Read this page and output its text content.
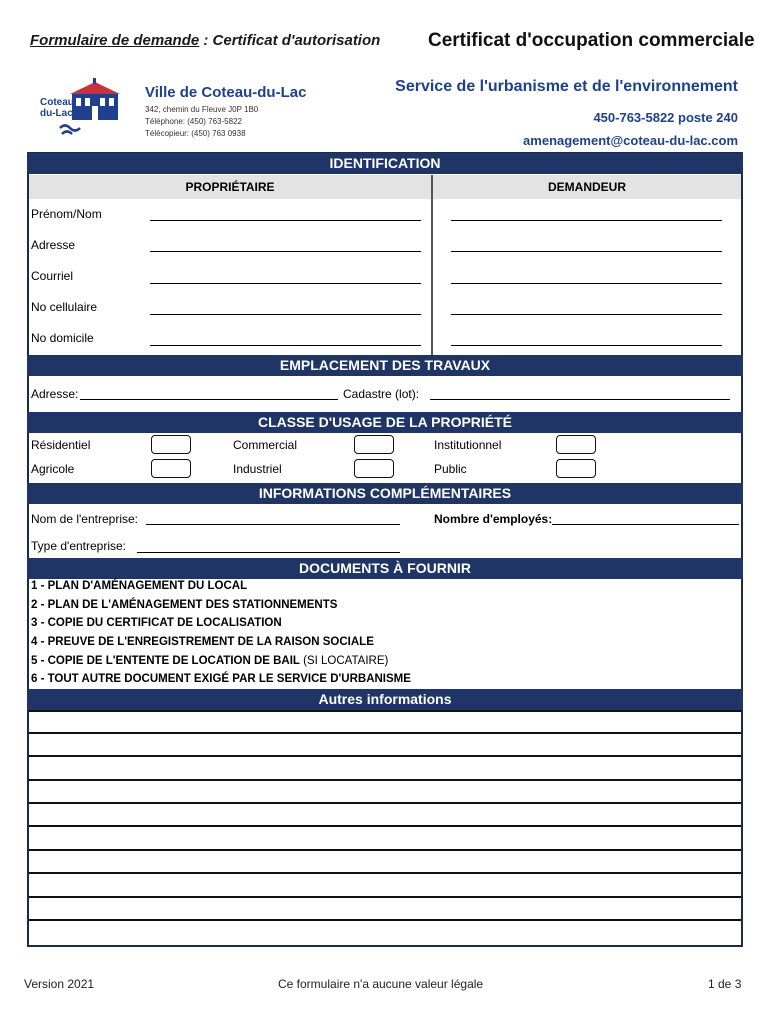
Formulaire de demande : Certificat d'autorisation	Certificat d'occupation commerciale
Coteau
du-Lac
Ville de Coteau-du-Lac
342, chemin du Fleuve J0P 1B0
Téléphone: (450) 763-5822
Télécopieur: (450) 763 0938
Service de l'urbanisme et de l'environnement
450-763-5822 poste 240
amenagement@coteau-du-lac.com
IDENTIFICATION
PROPRIÉTAIRE	DEMANDEUR
Prénom/Nom
Adresse
Courriel
No cellulaire
No domicile
EMPLACEMENT DES TRAVAUX
Adresse:	Cadastre (lot):
CLASSE D'USAGE DE LA PROPRIÉTÉ
Résidentiel	Commercial	Institutionnel
Agricole	Industriel	Public
INFORMATIONS COMPLÉMENTAIRES
Nom de l'entreprise:	Nombre d'employés:
Type d'entreprise:
DOCUMENTS À FOURNIR
1 - PLAN D'AMÉNAGEMENT DU LOCAL
2 - PLAN DE L'AMÉNAGEMENT DES STATIONNEMENTS
3 - COPIE DU CERTIFICAT DE LOCALISATION
4 - PREUVE DE L'ENREGISTREMENT DE LA RAISON SOCIALE
5 - COPIE DE L'ENTENTE DE LOCATION DE BAIL (SI LOCATAIRE)
6 - TOUT AUTRE DOCUMENT EXIGÉ PAR LE SERVICE D'URBANISME
Autres informations
Version 2021	Ce formulaire n'a aucune valeur légale	1 de 3
